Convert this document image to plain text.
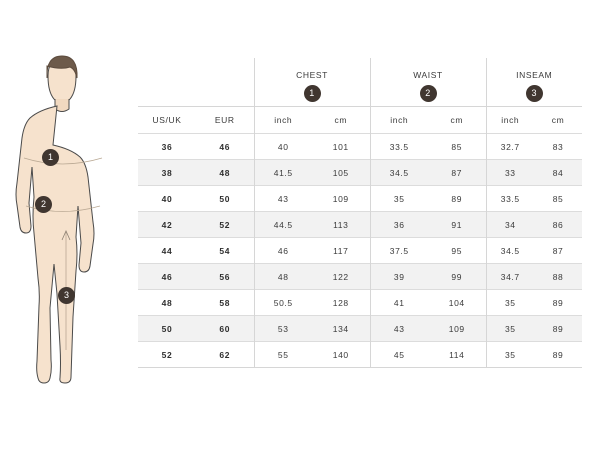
1
2
3
		CHEST		WAIST		INSEAM	
		1		2		3	
US/UK	EUR	inch	cm	inch	cm	inch	cm
36	46	40	101	33.5	85	32.7	83
38	48	41.5	105	34.5	87	33	84
40	50	43	109	35	89	33.5	85
42	52	44.5	113	36	91	34	86
44	54	46	117	37.5	95	34.5	87
46	56	48	122	39	99	34.7	88
48	58	50.5	128	41	104	35	89
50	60	53	134	43	109	35	89
52	62	55	140	45	114	35	89
